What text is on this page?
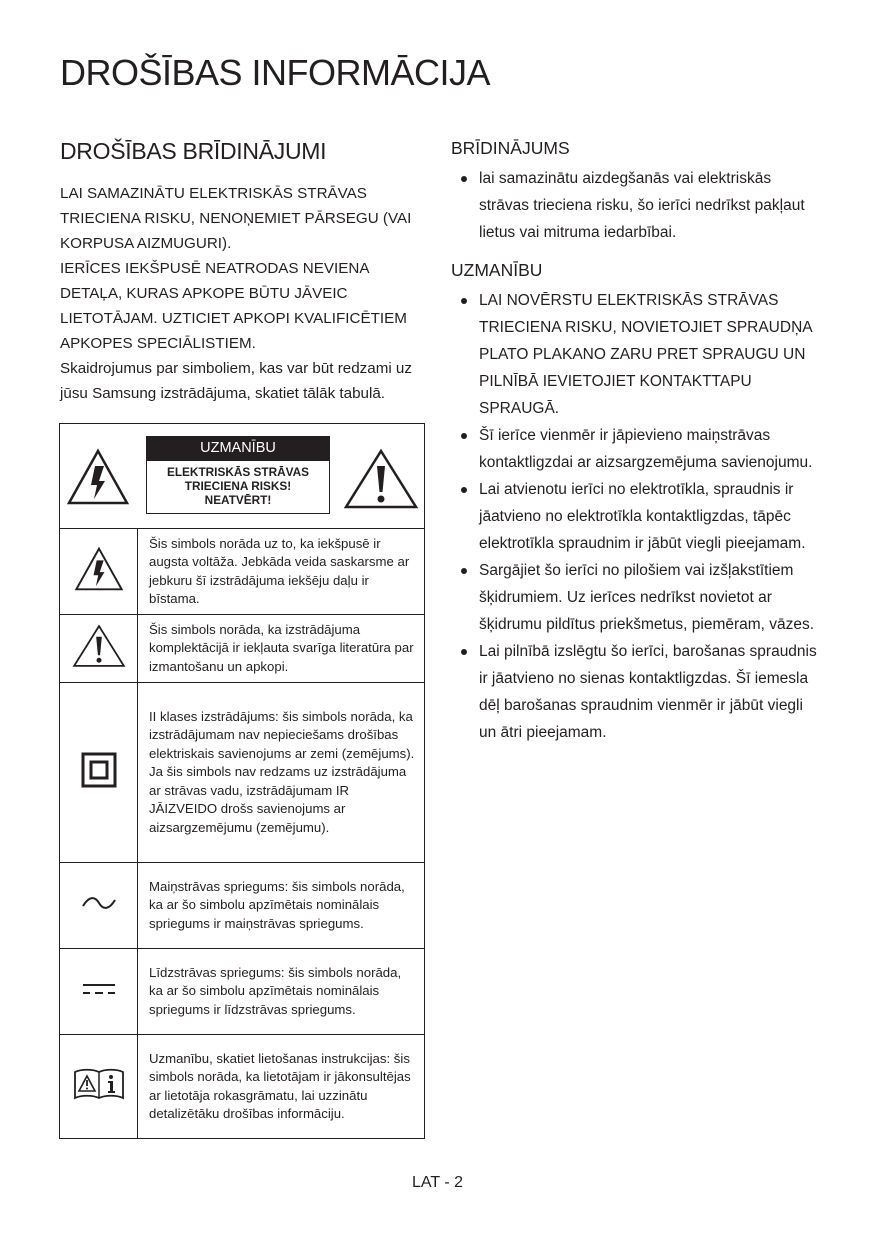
DROŠĪBAS INFORMĀCIJA
DROŠĪBAS BRĪDINĀJUMI

LAI SAMAZINĀTU ELEKTRISKĀS STRĀVAS TRIECIENA RISKU, NENOŅEMIET PĀRSEGU (VAI KORPUSA AIZMUGURI).

IERĪCES IEKŠPUSĒ NEATRODAS NEVIENA DETAĻA, KURAS APKOPE BŪTU JĀVEIC LIETOTĀJAM. UZTICIET APKOPI KVALIFICĒTIEM APKOPES SPECIĀLISTIEM.

Skaidrojumus par simboliem, kas var būt redzami uz jūsu Samsung izstrādājuma, skatiet tālāk tabulā.

UZMANĪBU
ELEKTRISKĀS STRĀVAS
TRIECIENA RISKS!
NEATVĒRT!	

	Šis simbols norāda uz to, ka iekšpusē ir augsta voltāža. Jebkāda veida saskarsme ar jebkuru šī izstrādājuma iekšēju daļu ir bīstama.
	Šis simbols norāda, ka izstrādājuma komplektācijā ir iekļauta svarīga literatūra par izmantošanu un apkopi.
	II klases izstrādājums: šis simbols norāda, ka izstrādājumam nav nepieciešams drošības elektriskais savienojums ar zemi (zemējums). Ja šis simbols nav redzams uz izstrādājuma ar strāvas vadu, izstrādājumam IR JĀIZVEIDO drošs savienojums ar aizsargzemējumu (zemējumu).
	Maiņstrāvas spriegums: šis simbols norāda, ka ar šo simbolu apzīmētais nominālais spriegums ir maiņstrāvas spriegums.
	Līdzstrāvas spriegums: šis simbols norāda, ka ar šo simbolu apzīmētais nominālais spriegums ir līdzstrāvas spriegums.
	Uzmanību, skatiet lietošanas instrukcijas: šis simbols norāda, ka lietotājam ir jākonsultējas ar lietotāja rokasgrāmatu, lai uzzinātu detalizētāku drošības informāciju.
BRĪDINĀJUMS
lai samazinātu aizdegšanās vai elektriskās strāvas trieciena risku, šo ierīci nedrīkst pakļaut lietus vai mitruma iedarbībai.
UZMANĪBU
LAI NOVĒRSTU ELEKTRISKĀS STRĀVAS TRIECIENA RISKU, NOVIETOJIET SPRAUDŅA PLATO PLAKANO ZARU PRET SPRAUGU UN PILNĪBĀ IEVIETOJIET KONTAKTTAPU SPRAUGĀ.
Šī ierīce vienmēr ir jāpievieno maiņstrāvas kontaktligzdai ar aizsargzemējuma savienojumu.
Lai atvienotu ierīci no elektrotīkla, spraudnis ir jāatvieno no elektrotīkla kontaktligzdas, tāpēc elektrotīkla spraudnim ir jābūt viegli pieejamam.
Sargājiet šo ierīci no pilošiem vai izšļakstītiem šķidrumiem. Uz ierīces nedrīkst novietot ar šķidrumu pildītus priekšmetus, piemēram, vāzes.
Lai pilnībā izslēgtu šo ierīci, barošanas spraudnis ir jāatvieno no sienas kontaktligzdas. Šī iemesla dēļ barošanas spraudnim vienmēr ir jābūt viegli un ātri pieejamam.
LAT - 2
